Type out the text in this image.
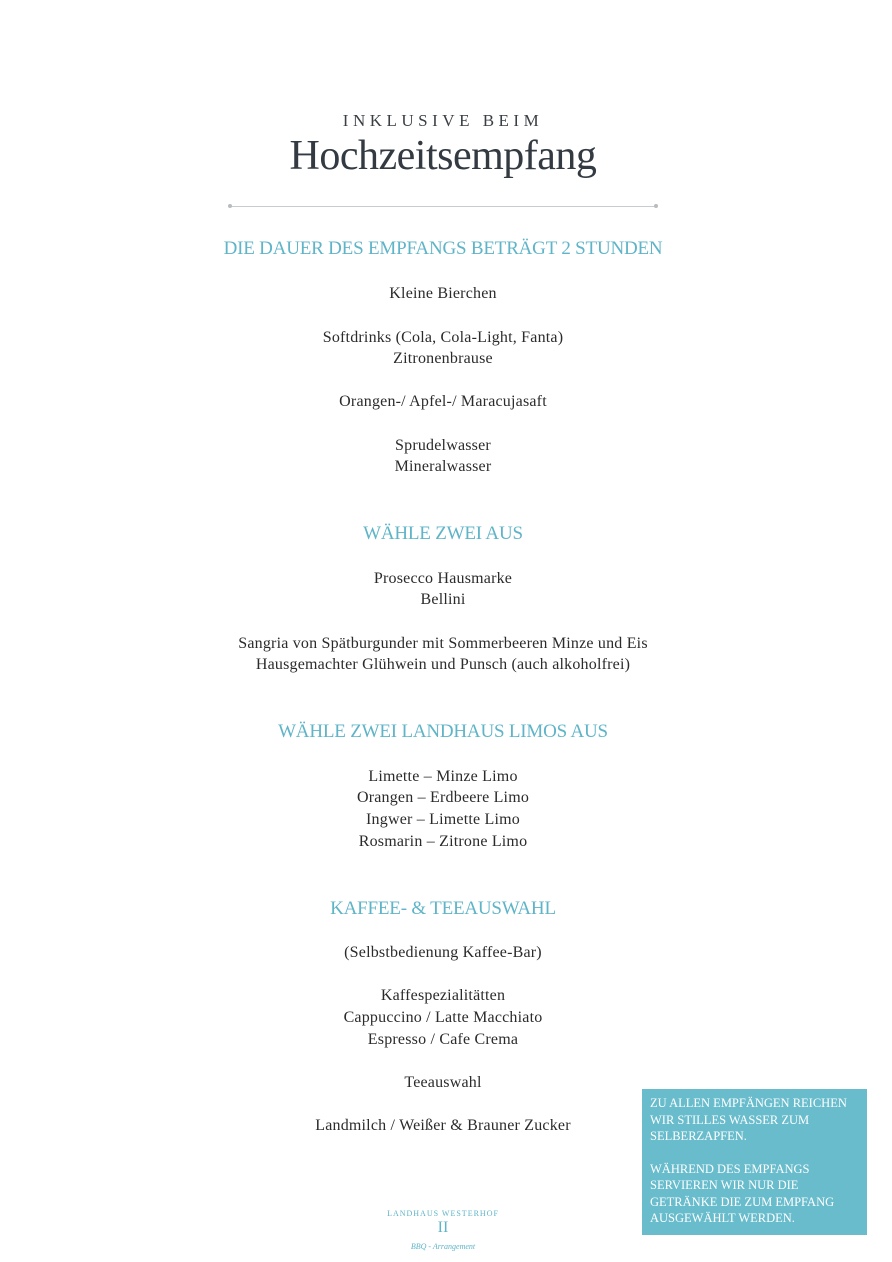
INKLUSIVE BEIM
Hochzeitsempfang
DIE DAUER DES EMPFANGS BETRÄGT 2 STUNDEN
Kleine Bierchen
Softdrinks (Cola, Cola-Light, Fanta)
Zitronenbrause
Orangen-/ Apfel-/ Maracujasaft
Sprudelwasser
Mineralwasser
WÄHLE ZWEI AUS
Prosecco Hausmarke
Bellini
Sangria von Spätburgunder mit Sommerbeeren Minze und Eis
Hausgemachter Glühwein und Punsch (auch alkoholfrei)
WÄHLE ZWEI LANDHAUS LIMOS AUS
Limette – Minze Limo
Orangen – Erdbeere Limo
Ingwer – Limette Limo
Rosmarin – Zitrone Limo
KAFFEE- & TEEAUSWAHL
(Selbstbedienung Kaffee-Bar)
Kaffespezialitätten
Cappuccino / Latte Macchiato
Espresso / Cafe Crema
Teeauswahl
Landmilch / Weißer & Brauner Zucker

ZU ALLEN EMPFÄNGEN REICHEN WIR STILLES WASSER ZUM SELBERZAPFEN.

WÄHREND DES EMPFANGS SERVIEREN WIR NUR DIE GETRÄNKE DIE ZUM EMPFANG AUSGEWÄHLT WERDEN.

LANDHAUS WESTERHOF
II
BBQ - Arrangement
